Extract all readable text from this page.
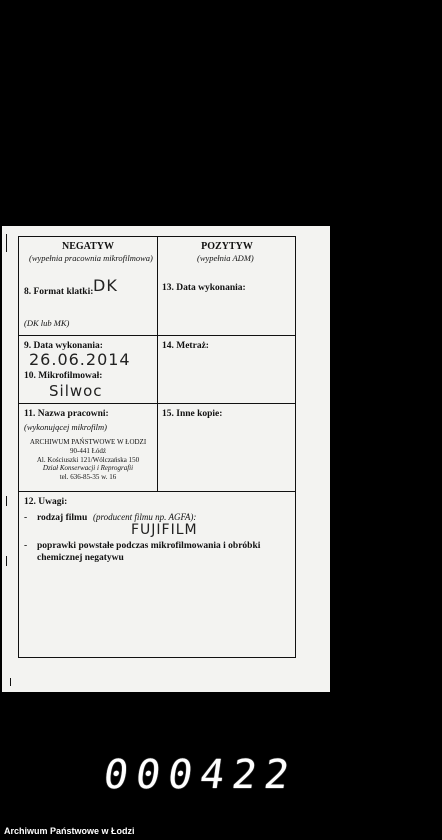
NEGATYW
(wypełnia pracownia mikrofilmowa)
POZYTYW
(wypełnia ADM)
8. Format klatki: DK
(DK lub MK)
13. Data wykonania:
9. Data wykonania:
26.06.2014
10. Mikrofilmował:
Silwoc
14. Metraż:
11. Nazwa pracowni:
(wykonującej mikrofilm)
ARCHIWUM PAŃSTWOWE W ŁODZI
90-441 Łódź
Al. Kościuszki 121/Wólczańska 150
Dział Konserwacji i Reprografii
tel. 636-85-35 w. 16
15. Inne kopie:
12. Uwagi:
- rodzaj filmu (producent filmu np. AGFA):
FUJIFILM
- poprawki powstałe podczas mikrofilmowania i obróbki
chemicznej negatywu
000422
Archiwum Państwowe w Łodzi
